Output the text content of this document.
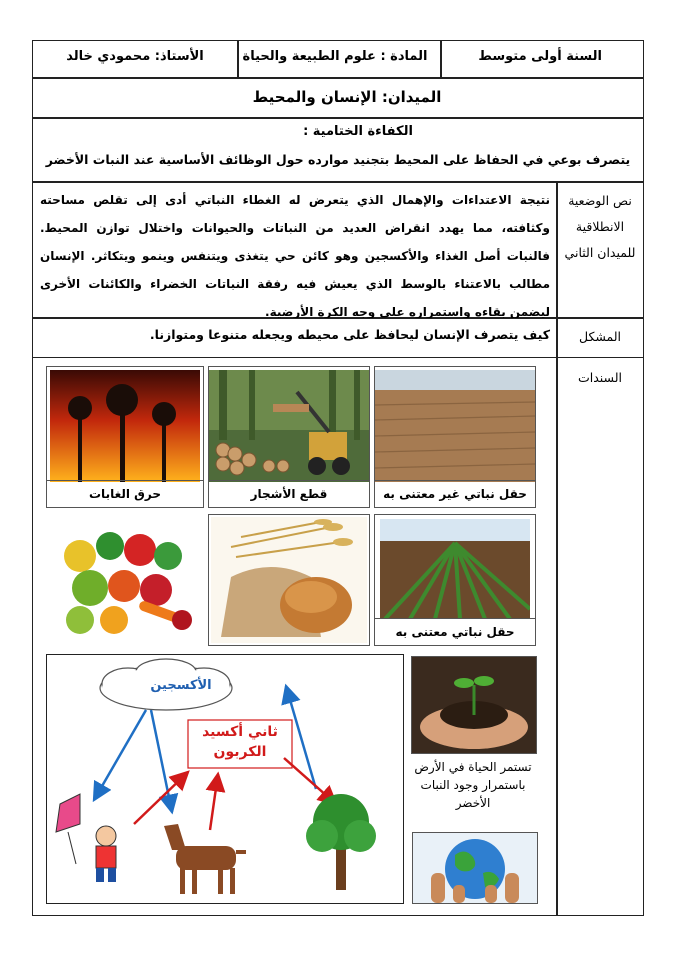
السنة أولى متوسط
المادة : علوم الطبيعة والحياة
الأستاذ: محمودي خالد
الميدان: الإنسان والمحيط
الكفاءة الختامية :
يتصرف بوعي في الحفاظ على المحيط بتجنيد موارده حول الوظائف الأساسية عند النبات الأخضر
نص الوضعية الانطلاقية للميدان الثاني
نتيجة الاعتداءات والإهمال الذي يتعرض له الغطاء النباتي أدى إلى تقلص مساحته وكثافته، مما يهدد انقراض العديد من النباتات والحيوانات واختلال توازن المحيط. فالنبات أصل الغذاء والأكسجين وهو كائن حي يتغذى ويتنفس وينمو ويتكاثر. الإنسان مطالب بالاعتناء بالوسط الذي يعيش فيه رفقة النباتات الخضراء والكائنات الأخرى ليضمن بقاءه واستمراره على وجه الكرة الأرضية.
المشكل
كيف يتصرف الإنسان ليحافظ على محيطه ويجعله متنوعا ومتوازنا.
السندات
حقل نباتي غير معتنى به
قطع الأشجار
حرق الغابات
حقل نباتي معتنى به
الأكسجين
ثاني أكسيد الكربون
تستمر الحياة في الأرض باستمرار وجود النبات الأخضر
